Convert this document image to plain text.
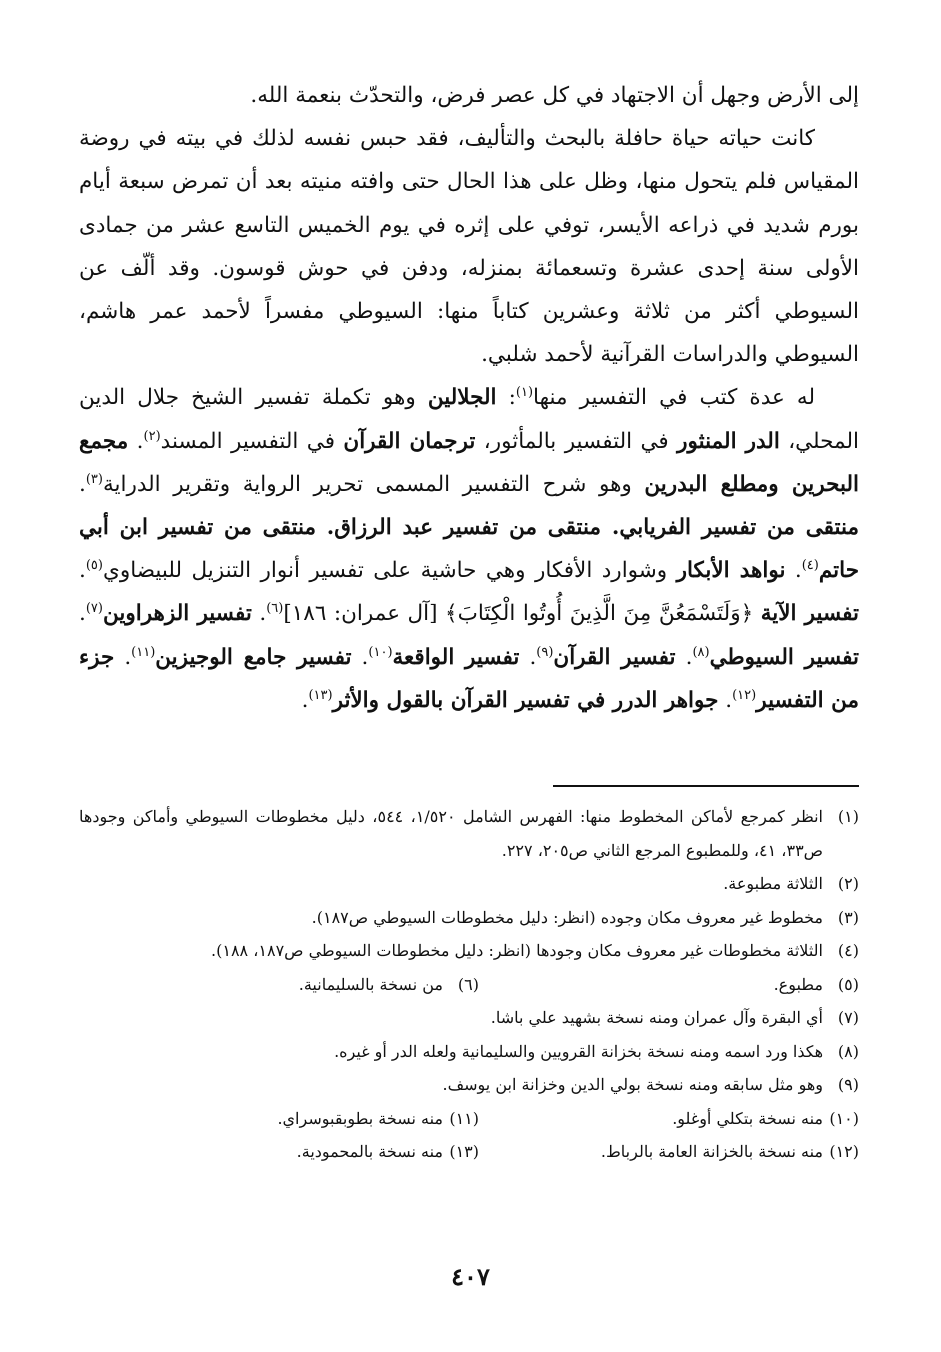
إلى الأرض وجهل أن الاجتهاد في كل عصر فرض، والتحدّث بنعمة الله.

كانت حياته حياة حافلة بالبحث والتأليف، فقد حبس نفسه لذلك في بيته في روضة المقياس فلم يتحول منها، وظل على هذا الحال حتى وافته منيته بعد أن تمرض سبعة أيام بورم شديد في ذراعه الأيسر، توفي على إثره في يوم الخميس التاسع عشر من جمادى الأولى سنة إحدى عشرة وتسعمائة بمنزله، ودفن في حوش قوسون. وقد ألّف عن السيوطي أكثر من ثلاثة وعشرين كتاباً منها: السيوطي مفسراً لأحمد عمر هاشم، السيوطي والدراسات القرآنية لأحمد شلبي.

له عدة كتب في التفسير منها$^{(١)}$: الجلالين وهو تكملة تفسير الشيخ جلال الدين المحلي، الدر المنثور في التفسير بالمأثور، ترجمان القرآن في التفسير المسند$^{(٢)}$. مجمع البحرين ومطلع البدرين وهو شرح التفسير المسمى تحرير الرواية وتقرير الدراية$^{(٣)}$. منتقى من تفسير الفريابي. منتقى من تفسير عبد الرزاق. منتقى من تفسير ابن أبي حاتم$^{(٤)}$. نواهد الأبكار وشوارد الأفكار وهي حاشية على تفسير أنوار التنزيل للبيضاوي$^{(٥)}$. تفسير الآية ﴿وَلَتَسْمَعُنَّ مِنَ الَّذِينَ أُوتُوا الْكِتَابَ﴾ [آل عمران: ١٨٦]$^{(٦)}$. تفسير الزهراوين$^{(٧)}$. تفسير السيوطي$^{(٨)}$. تفسير القرآن$^{(٩)}$. تفسير الواقعة$^{(١٠)}$. تفسير جامع الوجيزين$^{(١١)}$. جزء من التفسير$^{(١٢)}$. جواهر الدرر في تفسير القرآن بالقول والأثر$^{(١٣)}$.

(١)
انظر كمرجع لأماكن المخطوط منها: الفهرس الشامل ١/٥٢٠، ٥٤٤، دليل مخطوطات السيوطي وأماكن وجودها ص٣٣، ٤١، وللمطبوع المرجع الثاني ص٢٠٥، ٢٢٧.
(٢)
الثلاثة مطبوعة.
(٣)
مخطوط غير معروف مكان وجوده (انظر: دليل مخطوطات السيوطي ص١٨٧).
(٤)
الثلاثة مخطوطات غير معروف مكان وجودها (انظر: دليل مخطوطات السيوطي ص١٨٧، ١٨٨).
(٥)
مطبوع.
(٦)
من نسخة بالسليمانية.
(٧)
أي البقرة وآل عمران ومنه نسخة بشهيد علي باشا.
(٨)
هكذا ورد اسمه ومنه نسخة بخزانة القرويين والسليمانية ولعله الدر أو غيره.
(٩)
وهو مثل سابقه ومنه نسخة بولي الدين وخزانة ابن يوسف.
(١٠)
منه نسخة بتكلي أوغلو.
(١١)
منه نسخة بطوبقبوسراي.
(١٢)
منه نسخة بالخزانة العامة بالرباط.
(١٣)
منه نسخة بالمحمودية.
٤٠٧
